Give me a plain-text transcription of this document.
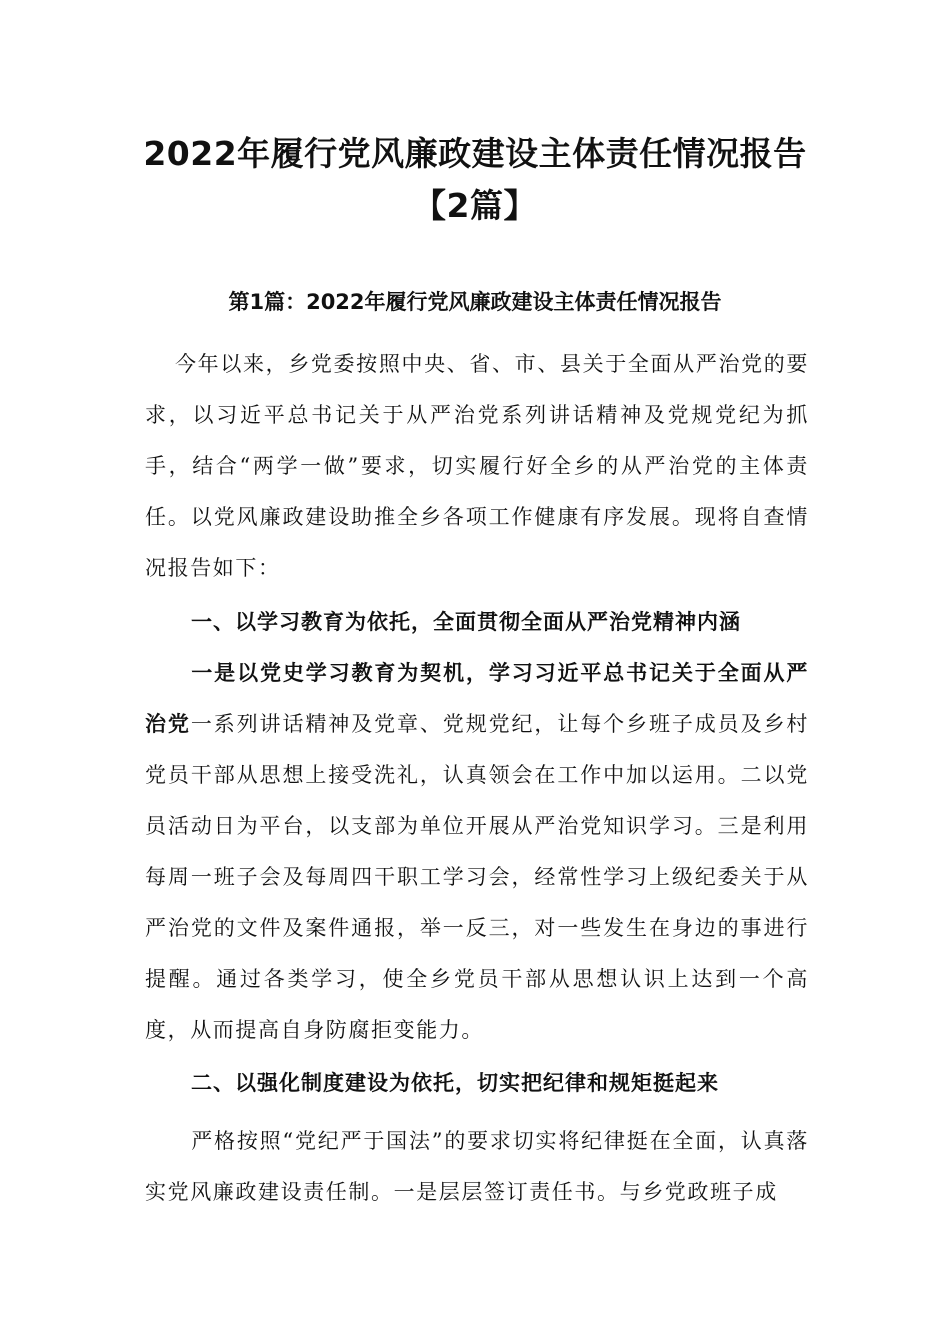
2022年履行党风廉政建设主体责任情况报告【2篇】
第1篇：2022年履行党风廉政建设主体责任情况报告
今年以来，乡党委按照中央、省、市、县关于全面从严治党的要求，以习近平总书记关于从严治党系列讲话精神及党规党纪为抓手，结合“两学一做”要求，切实履行好全乡的从严治党的主体责任。以党风廉政建设助推全乡各项工作健康有序发展。现将自查情况报告如下：
一、以学习教育为依托，全面贯彻全面从严治党精神内涵
一是以党史学习教育为契机，学习习近平总书记关于全面从严治党一系列讲话精神及党章、党规党纪，让每个乡班子成员及乡村党员干部从思想上接受洗礼，认真领会在工作中加以运用。二以党员活动日为平台，以支部为单位开展从严治党知识学习。三是利用每周一班子会及每周四干职工学习会，经常性学习上级纪委关于从严治党的文件及案件通报，举一反三，对一些发生在身边的事进行提醒。通过各类学习，使全乡党员干部从思想认识上达到一个高度，从而提高自身防腐拒变能力。
二、以强化制度建设为依托，切实把纪律和规矩挺起来
严格按照“党纪严于国法”的要求切实将纪律挺在全面，认真落实党风廉政建设责任制。一是层层签订责任书。与乡党政班子成
